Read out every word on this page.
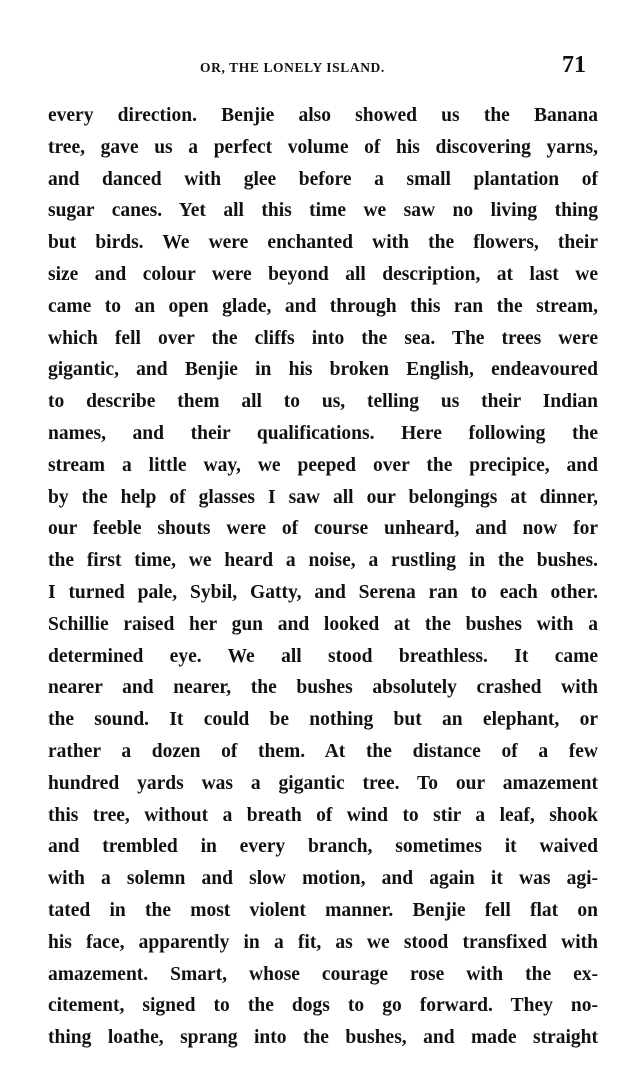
OR, THE LONELY ISLAND.	71
every direction. Benjie also showed us the Banana
tree, gave us a perfect volume of his discovering yarns,
and danced with glee before a small plantation of
sugar canes. Yet all this time we saw no living thing
but birds. We were enchanted with the flowers, their
size and colour were beyond all description, at last we
came to an open glade, and through this ran the stream,
which fell over the cliffs into the sea. The trees were
gigantic, and Benjie in his broken English, endeavoured
to describe them all to us, telling us their Indian
names, and their qualifications. Here following the
stream a little way, we peeped over the precipice, and
by the help of glasses I saw all our belongings at dinner,
our feeble shouts were of course unheard, and now for
the first time, we heard a noise, a rustling in the bushes.
I turned pale, Sybil, Gatty, and Serena ran to each other.
Schillie raised her gun and looked at the bushes with a
determined eye. We all stood breathless. It came
nearer and nearer, the bushes absolutely crashed with
the sound. It could be nothing but an elephant, or
rather a dozen of them. At the distance of a few
hundred yards was a gigantic tree. To our amazement
this tree, without a breath of wind to stir a leaf, shook
and trembled in every branch, sometimes it waived
with a solemn and slow motion, and again it was agi-
tated in the most violent manner. Benjie fell flat on
his face, apparently in a fit, as we stood transfixed with
amazement. Smart, whose courage rose with the ex-
citement, signed to the dogs to go forward. They no-
thing loathe, sprang into the bushes, and made straight
